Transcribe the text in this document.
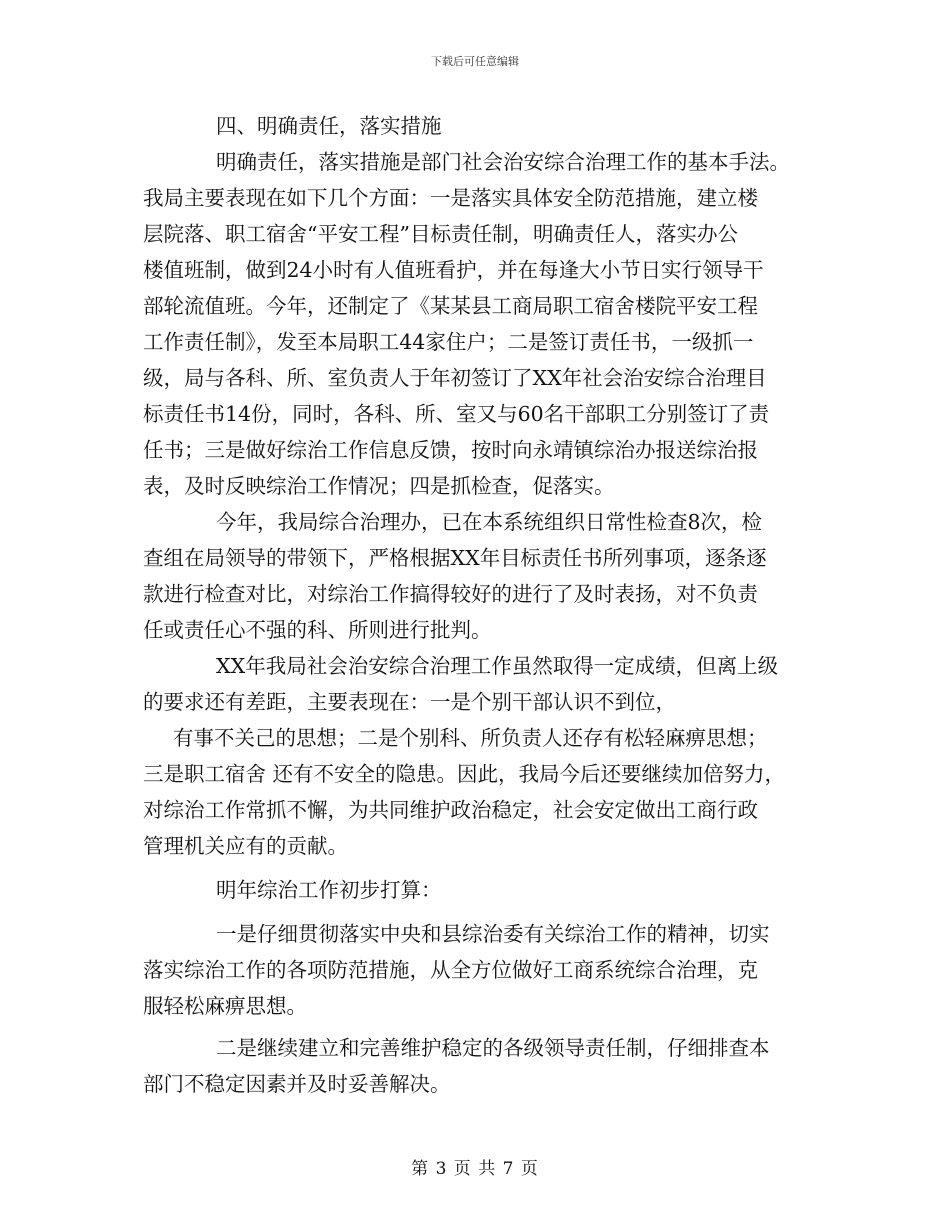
下载后可任意编辑
四、明确责任，落实措施
明确责任，落实措施是部门社会治安综合治理工作的基本手法。
我局主要表现在如下几个方面：一是落实具体安全防范措施，建立楼
层院落、职工宿舍“平安工程”目标责任制，明确责任人，落实办公
楼值班制，做到24小时有人值班看护，并在每逢大小节日实行领导干
部轮流值班。今年，还制定了《某某县工商局职工宿舍楼院平安工程
工作责任制》，发至本局职工44家住户；二是签订责任书，一级抓一
级，局与各科、所、室负责人于年初签订了XX年社会治安综合治理目
标责任书14份，同时，各科、所、室又与60名干部职工分别签订了责
任书；三是做好综治工作信息反馈，按时向永靖镇综治办报送综治报
表，及时反映综治工作情况；四是抓检查，促落实。
今年，我局综合治理办，已在本系统组织日常性检查8次，检
查组在局领导的带领下，严格根据XX年目标责任书所列事项，逐条逐
款进行检查对比，对综治工作搞得较好的进行了及时表扬，对不负责
任或责任心不强的科、所则进行批判。
XX年我局社会治安综合治理工作虽然取得一定成绩，但离上级
的要求还有差距，主要表现在：一是个别干部认识不到位，
有事不关己的思想；二是个别科、所负责人还存有松轻麻痹思想；
三是职工宿舍 还有不安全的隐患。因此，我局今后还要继续加倍努力，
对综治工作常抓不懈，为共同维护政治稳定，社会安定做出工商行政
管理机关应有的贡献。
明年综治工作初步打算：
一是仔细贯彻落实中央和县综治委有关综治工作的精神，切实
落实综治工作的各项防范措施，从全方位做好工商系统综合治理，克
服轻松麻痹思想。
二是继续建立和完善维护稳定的各级领导责任制，仔细排查本
部门不稳定因素并及时妥善解决。
第 3 页 共 7 页
